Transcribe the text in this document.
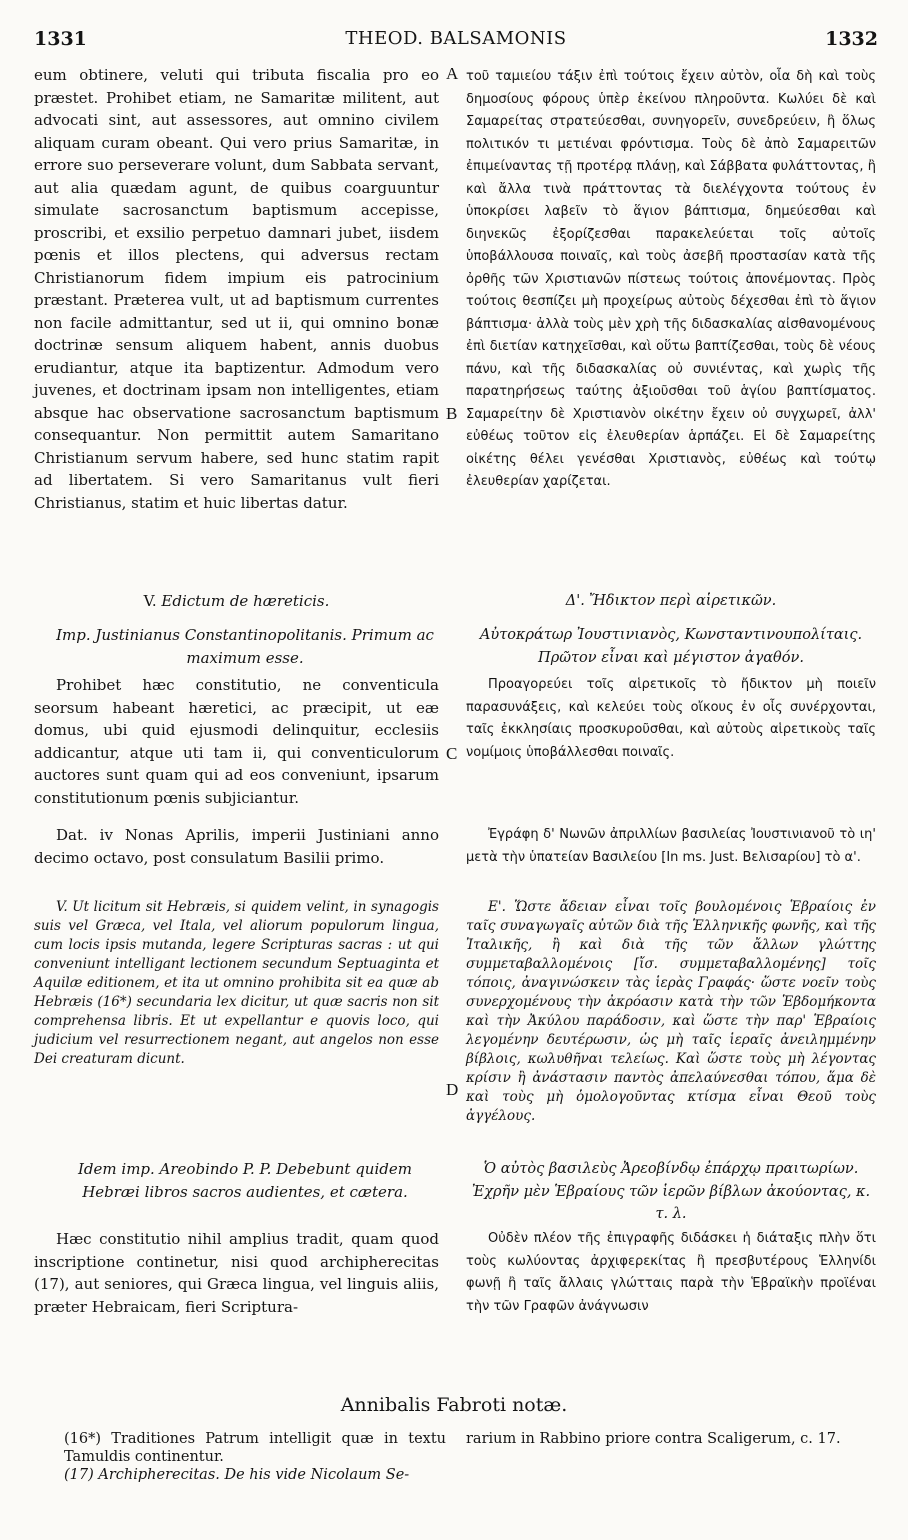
1331	THEOD. BALSAMONIS	1332
A
B
C
D

eum obtinere, veluti qui tributa fiscalia pro eo præstet. Prohibet etiam, ne Samaritæ militent, aut advocati sint, aut assessores, aut omnino civilem aliquam curam obeant. Qui vero prius Samaritæ, in errore suo perseverare volunt, dum Sabbata servant, aut alia quædam agunt, de quibus coarguuntur simulate sacrosanctum baptismum accepisse, proscribi, et exsilio perpetuo damnari jubet, iisdem pœnis et illos plectens, qui adversus rectam Christianorum fidem impium eis patrocinium præstant. Præterea vult, ut ad baptismum currentes non facile admittantur, sed ut ii, qui omnino bonæ doctrinæ sensum aliquem habent, annis duobus erudiantur, atque ita baptizentur. Admodum vero juvenes, et doctrinam ipsam non intelligentes, etiam absque hac observatione sacrosanctum baptismum consequantur. Non permittit autem Samaritano Christianum servum habere, sed hunc statim rapit ad libertatem. Si vero Samaritanus vult fieri Christianus, statim et huic libertas datur.

V. Edictum de hæreticis.

Imp. Justinianus Constantinopolitanis. Primum ac maximum esse.

Prohibet hæc constitutio, ne conventicula seorsum habeant hæretici, ac præcipit, ut eæ domus, ubi quid ejusmodi delinquitur, ecclesiis addicantur, atque uti tam ii, qui conventiculorum auctores sunt quam qui ad eos conveniunt, ipsarum constitutionum pœnis subjiciantur.

Dat. iv Nonas Aprilis, imperii Justiniani anno decimo octavo, post consulatum Basilii primo.

V. Ut licitum sit Hebræis, si quidem velint, in synagogis suis vel Græca, vel Itala, vel aliorum populorum lingua, cum locis ipsis mutanda, legere Scripturas sacras : ut qui conveniunt intelligant lectionem secundum Septuaginta et Aquilæ editionem, et ita ut omnino prohibita sit ea quæ ab Hebræis (16*) secundaria lex dicitur, ut quæ sacris non sit comprehensa libris. Et ut expellantur e quovis loco, qui judicium vel resurrectionem negant, aut angelos non esse Dei creaturam dicunt.

Idem imp. Areobindo P. P. Debebunt quidem Hebræi libros sacros audientes, et cætera.

Hæc constitutio nihil amplius tradit, quam quod inscriptione continetur, nisi quod archipherecitas (17), aut seniores, qui Græca lingua, vel linguis aliis, præter Hebraicam, fieri Scriptura-

τοῦ ταμιείου τάξιν ἐπὶ τούτοις ἔχειν αὐτὸν, οἷα δὴ καὶ τοὺς δημοσίους φόρους ὑπὲρ ἐκείνου πληροῦντα. Κωλύει δὲ καὶ Σαμαρείτας στρατεύεσθαι, συνηγορεῖν, συνεδρεύειν, ἢ ὅλως πολιτικόν τι μετιέναι φρόντισμα. Τοὺς δὲ ἀπὸ Σαμαρειτῶν ἐπιμείναντας τῇ προτέρᾳ πλάνῃ, καὶ Σάββατα φυλάττοντας, ἢ καὶ ἄλλα τινὰ πράττοντας τὰ διελέγχοντα τούτους ἐν ὑποκρίσει λαβεῖν τὸ ἅγιον βάπτισμα, δημεύεσθαι καὶ διηνεκῶς ἐξορίζεσθαι παρακελεύεται τοῖς αὐτοῖς ὑποβάλλουσα ποιναῖς, καὶ τοὺς ἀσεβῆ προστασίαν κατὰ τῆς ὀρθῆς τῶν Χριστιανῶν πίστεως τούτοις ἀπονέμοντας. Πρὸς τούτοις θεσπίζει μὴ προχείρως αὐτοὺς δέχεσθαι ἐπὶ τὸ ἅγιον βάπτισμα· ἀλλὰ τοὺς μὲν χρὴ τῆς διδασκαλίας αἰσθανομένους ἐπὶ διετίαν κατηχεῖσθαι, καὶ οὕτω βαπτίζεσθαι, τοὺς δὲ νέους πάνυ, καὶ τῆς διδασκαλίας οὐ συνιέντας, καὶ χωρὶς τῆς παρατηρήσεως ταύτης ἀξιοῦσθαι τοῦ ἁγίου βαπτίσματος. Σαμαρείτην δὲ Χριστιανὸν οἰκέτην ἔχειν οὐ συγχωρεῖ, ἀλλ' εὐθέως τοῦτον εἰς ἐλευθερίαν ἁρπάζει. Εἰ δὲ Σαμαρείτης οἰκέτης θέλει γενέσθαι Χριστιανὸς, εὐθέως καὶ τούτῳ ἐλευθερίαν χαρίζεται.

Δ'. Ἤδικτον περὶ αἱρετικῶν.

Αὐτοκράτωρ Ἰουστινιανὸς, Κωνσταντινουπολίταις. Πρῶτον εἶναι καὶ μέγιστον ἀγαθόν.

Προαγορεύει τοῖς αἱρετικοῖς τὸ ἤδικτον μὴ ποιεῖν παρασυνάξεις, καὶ κελεύει τοὺς οἴκους ἐν οἷς συνέρχονται, ταῖς ἐκκλησίαις προσκυροῦσθαι, καὶ αὐτοὺς αἱρετικοὺς ταῖς νομίμοις ὑποβάλλεσθαι ποιναῖς.

Ἐγράφη δ' Νωνῶν ἀπριλλίων βασιλείας Ἰουστινιανοῦ τὸ ιη' μετὰ τὴν ὑπατείαν Βασιλείου [In ms. Just. Βελισαρίου] τὸ α'.

Ε'. Ὥστε ἄδειαν εἶναι τοῖς βουλομένοις Ἑβραίοις ἐν ταῖς συναγωγαῖς αὐτῶν διὰ τῆς Ἑλληνικῆς φωνῆς, καὶ τῆς Ἰταλικῆς, ἢ καὶ διὰ τῆς τῶν ἄλλων γλώττης συμμεταβαλλομένοις [ἴσ. συμμεταβαλλομένης] τοῖς τόποις, ἀναγινώσκειν τὰς ἱερὰς Γραφάς· ὥστε νοεῖν τοὺς συνερχομένους τὴν ἀκρόασιν κατὰ τὴν τῶν Ἑβδομήκοντα καὶ τὴν Ἀκύλου παράδοσιν, καὶ ὥστε τὴν παρ' Ἑβραίοις λεγομένην δευτέρωσιν, ὡς μὴ ταῖς ἱεραῖς ἀνειλημμένην βίβλοις, κωλυθῆναι τελείως. Καὶ ὥστε τοὺς μὴ λέγοντας κρίσιν ἢ ἀνάστασιν παντὸς ἀπελαύνεσθαι τόπου, ἅμα δὲ καὶ τοὺς μὴ ὁμολογοῦντας κτίσμα εἶναι Θεοῦ τοὺς ἀγγέλους.

Ὁ αὐτὸς βασιλεὺς Ἀρεοβίνδῳ ἐπάρχῳ πραιτωρίων. Ἐχρῆν μὲν Ἑβραίους τῶν ἱερῶν βίβλων ἀκούοντας, κ. τ. λ.

Οὐδὲν πλέον τῆς ἐπιγραφῆς διδάσκει ἡ διάταξις πλὴν ὅτι τοὺς κωλύοντας ἀρχιφερεκίτας ἢ πρεσβυτέρους Ἑλληνίδι φωνῇ ἢ ταῖς ἄλλαις γλώτταις παρὰ τὴν Ἑβραϊκὴν προϊέναι τὴν τῶν Γραφῶν ἀνάγνωσιν

Annibalis Fabroti notæ.

(16*) Traditiones Patrum intelligit quæ in textu Tamuldis continentur.
(17) Archipherecitas. De his vide Nicolaum Se-

rarium in Rabbino priore contra Scaligerum, c. 17.
